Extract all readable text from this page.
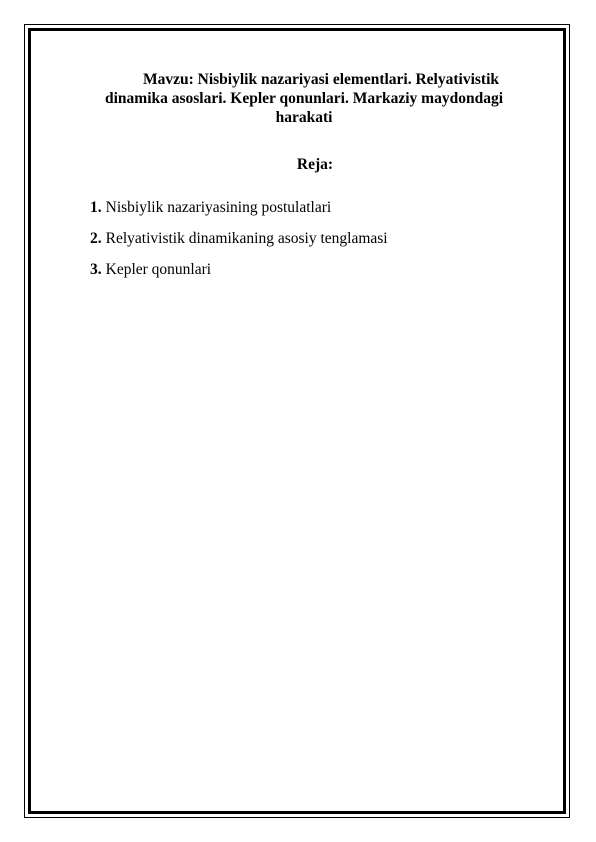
Mavzu: Nisbiylik nazariyasi elementlari. Relyativistik
dinamika asoslari. Kepler qonunlari. Markaziy maydondagi
harakati
Reja:
1. Nisbiylik nazariyasining postulatlari
2. Relyativistik dinamikaning asosiy tenglamasi
3. Kepler qonunlari
